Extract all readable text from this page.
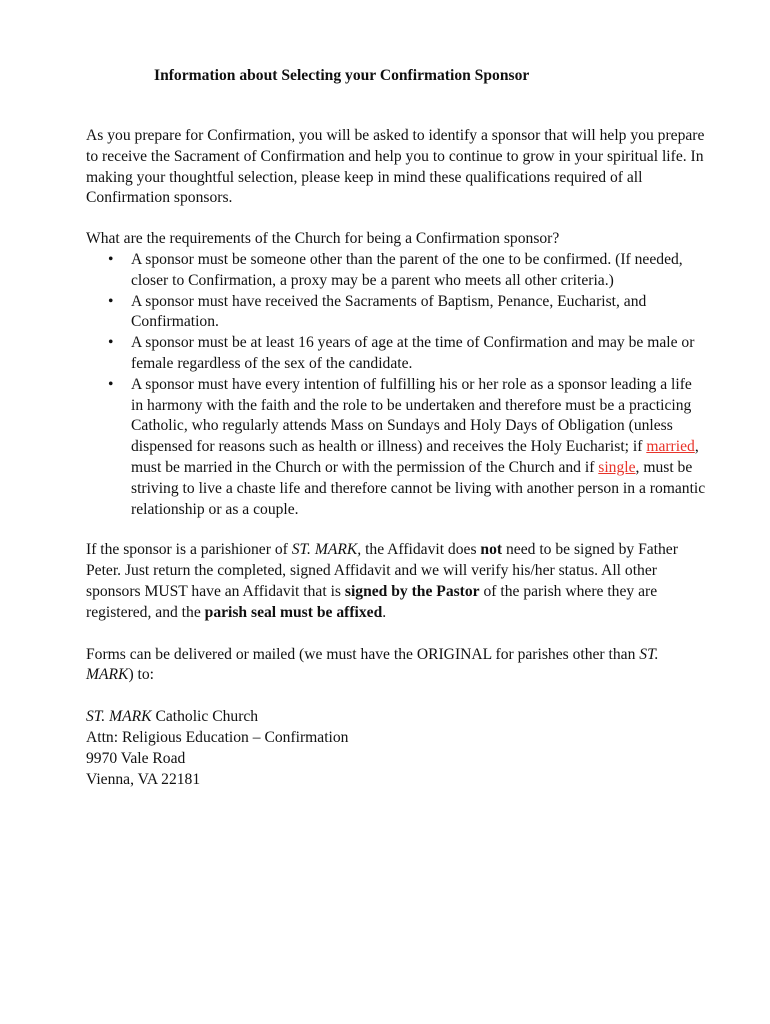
Information about Selecting your Confirmation Sponsor

As you prepare for Confirmation, you will be asked to identify a sponsor that will help you prepare to receive the Sacrament of Confirmation and help you to continue to grow in your spiritual life. In making your thoughtful selection, please keep in mind these qualifications required of all Confirmation sponsors.

What are the requirements of the Church for being a Confirmation sponsor?

• A sponsor must be someone other than the parent of the one to be confirmed. (If needed, closer to Confirmation, a proxy may be a parent who meets all other criteria.)
• A sponsor must have received the Sacraments of Baptism, Penance, Eucharist, and Confirmation.
• A sponsor must be at least 16 years of age at the time of Confirmation and may be male or female regardless of the sex of the candidate.
• A sponsor must have every intention of fulfilling his or her role as a sponsor leading a life in harmony with the faith and the role to be undertaken and therefore must be a practicing Catholic, who regularly attends Mass on Sundays and Holy Days of Obligation (unless dispensed for reasons such as health or illness) and receives the Holy Eucharist; if married, must be married in the Church or with the permission of the Church and if single, must be striving to live a chaste life and therefore cannot be living with another person in a romantic relationship or as a couple.

If the sponsor is a parishioner of ST. MARK, the Affidavit does not need to be signed by Father Peter. Just return the completed, signed Affidavit and we will verify his/her status. All other sponsors MUST have an Affidavit that is signed by the Pastor of the parish where they are registered, and the parish seal must be affixed.

Forms can be delivered or mailed (we must have the ORIGINAL for parishes other than ST. MARK) to:

ST. MARK Catholic Church
Attn: Religious Education – Confirmation
9970 Vale Road
Vienna, VA 22181
